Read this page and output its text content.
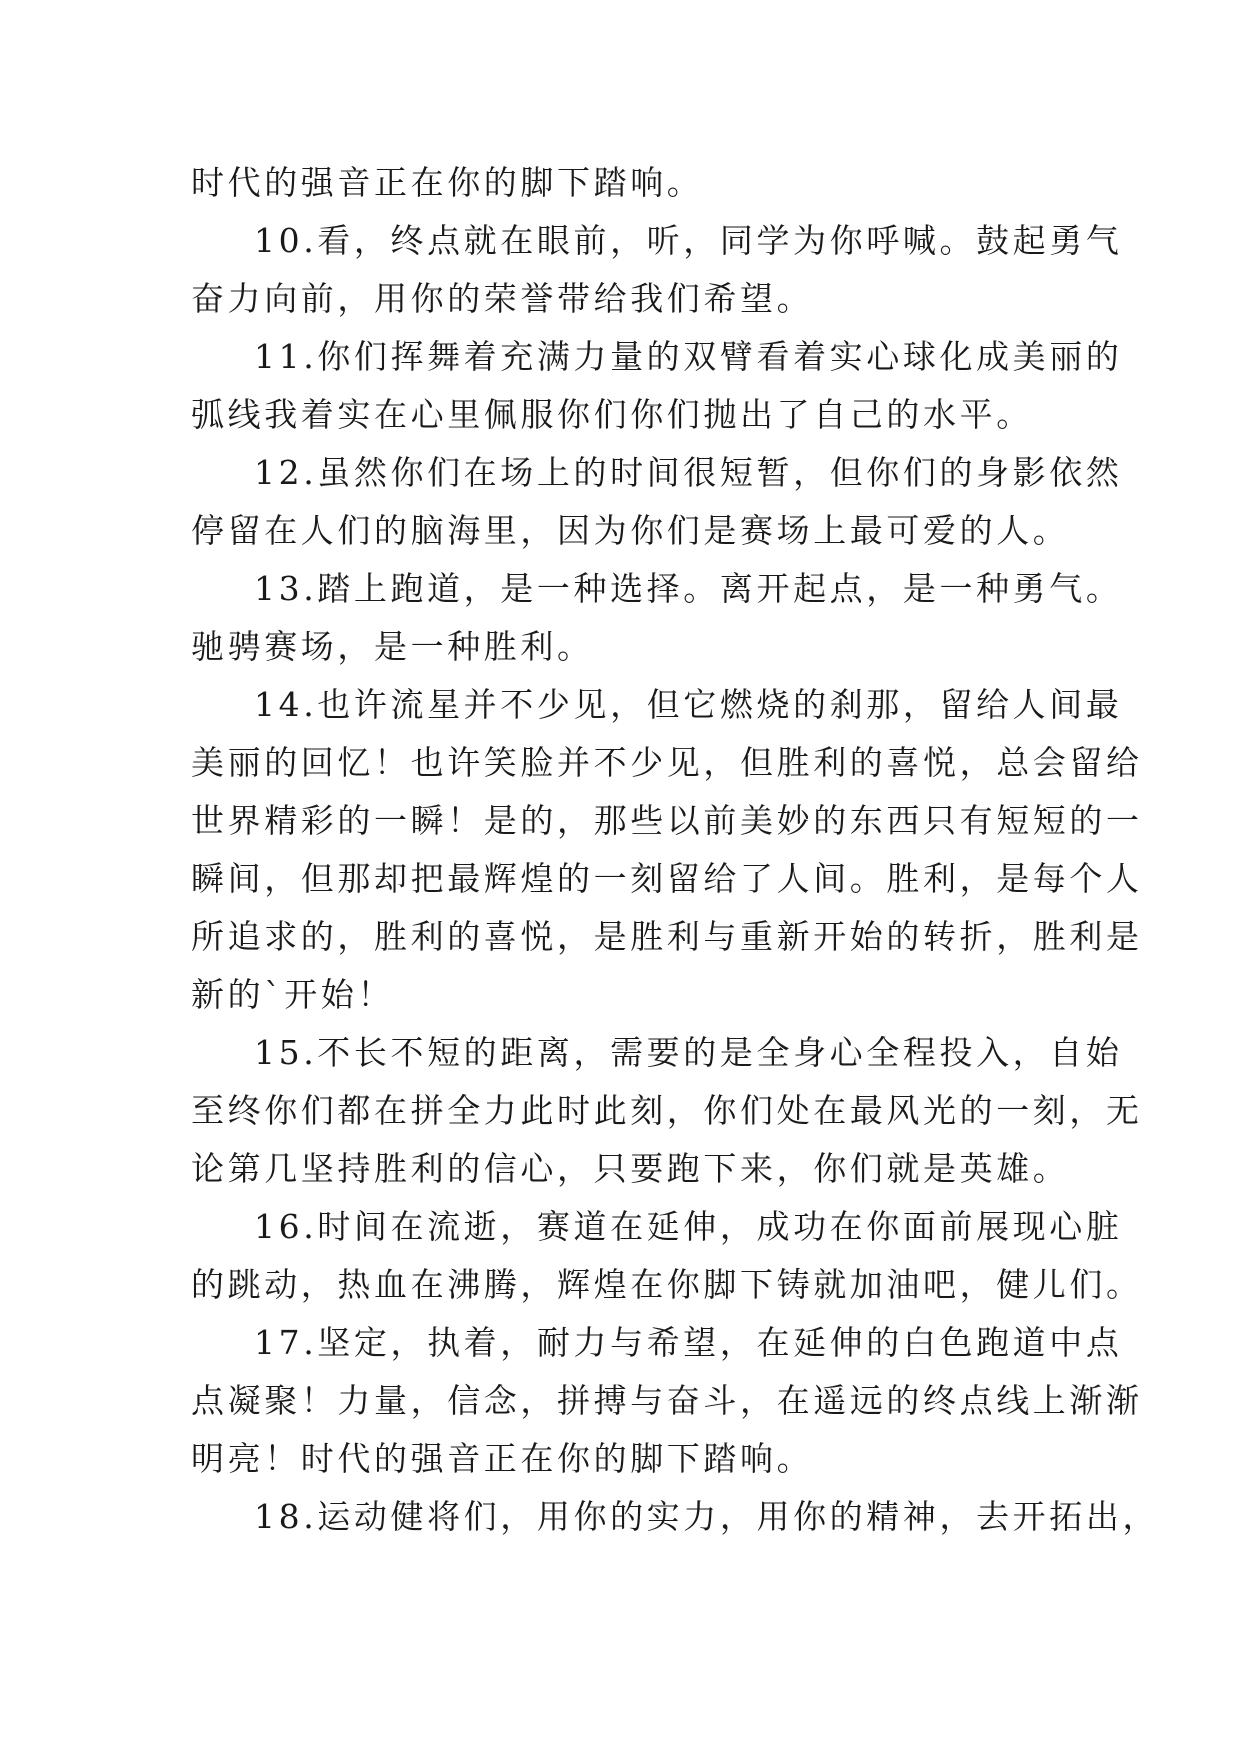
时代的强音正在你的脚下踏响。
10.看，终点就在眼前，听，同学为你呼喊。鼓起勇气
奋力向前，用你的荣誉带给我们希望。
11.你们挥舞着充满力量的双臂看着实心球化成美丽的
弧线我着实在心里佩服你们你们抛出了自己的水平。
12.虽然你们在场上的时间很短暂，但你们的身影依然
停留在人们的脑海里，因为你们是赛场上最可爱的人。
13.踏上跑道，是一种选择。离开起点，是一种勇气。
驰骋赛场，是一种胜利。
14.也许流星并不少见，但它燃烧的刹那，留给人间最
美丽的回忆！也许笑脸并不少见，但胜利的喜悦，总会留给
世界精彩的一瞬！是的，那些以前美妙的东西只有短短的一
瞬间，但那却把最辉煌的一刻留给了人间。胜利，是每个人
所追求的，胜利的喜悦，是胜利与重新开始的转折，胜利是
新的`开始！
15.不长不短的距离，需要的是全身心全程投入，自始
至终你们都在拼全力此时此刻，你们处在最风光的一刻，无
论第几坚持胜利的信心，只要跑下来，你们就是英雄。
16.时间在流逝，赛道在延伸，成功在你面前展现心脏
的跳动，热血在沸腾，辉煌在你脚下铸就加油吧，健儿们。
17.坚定，执着，耐力与希望，在延伸的白色跑道中点
点凝聚！力量，信念，拼搏与奋斗，在遥远的终点线上渐渐
明亮！时代的强音正在你的脚下踏响。
18.运动健将们，用你的实力，用你的精神，去开拓出，
